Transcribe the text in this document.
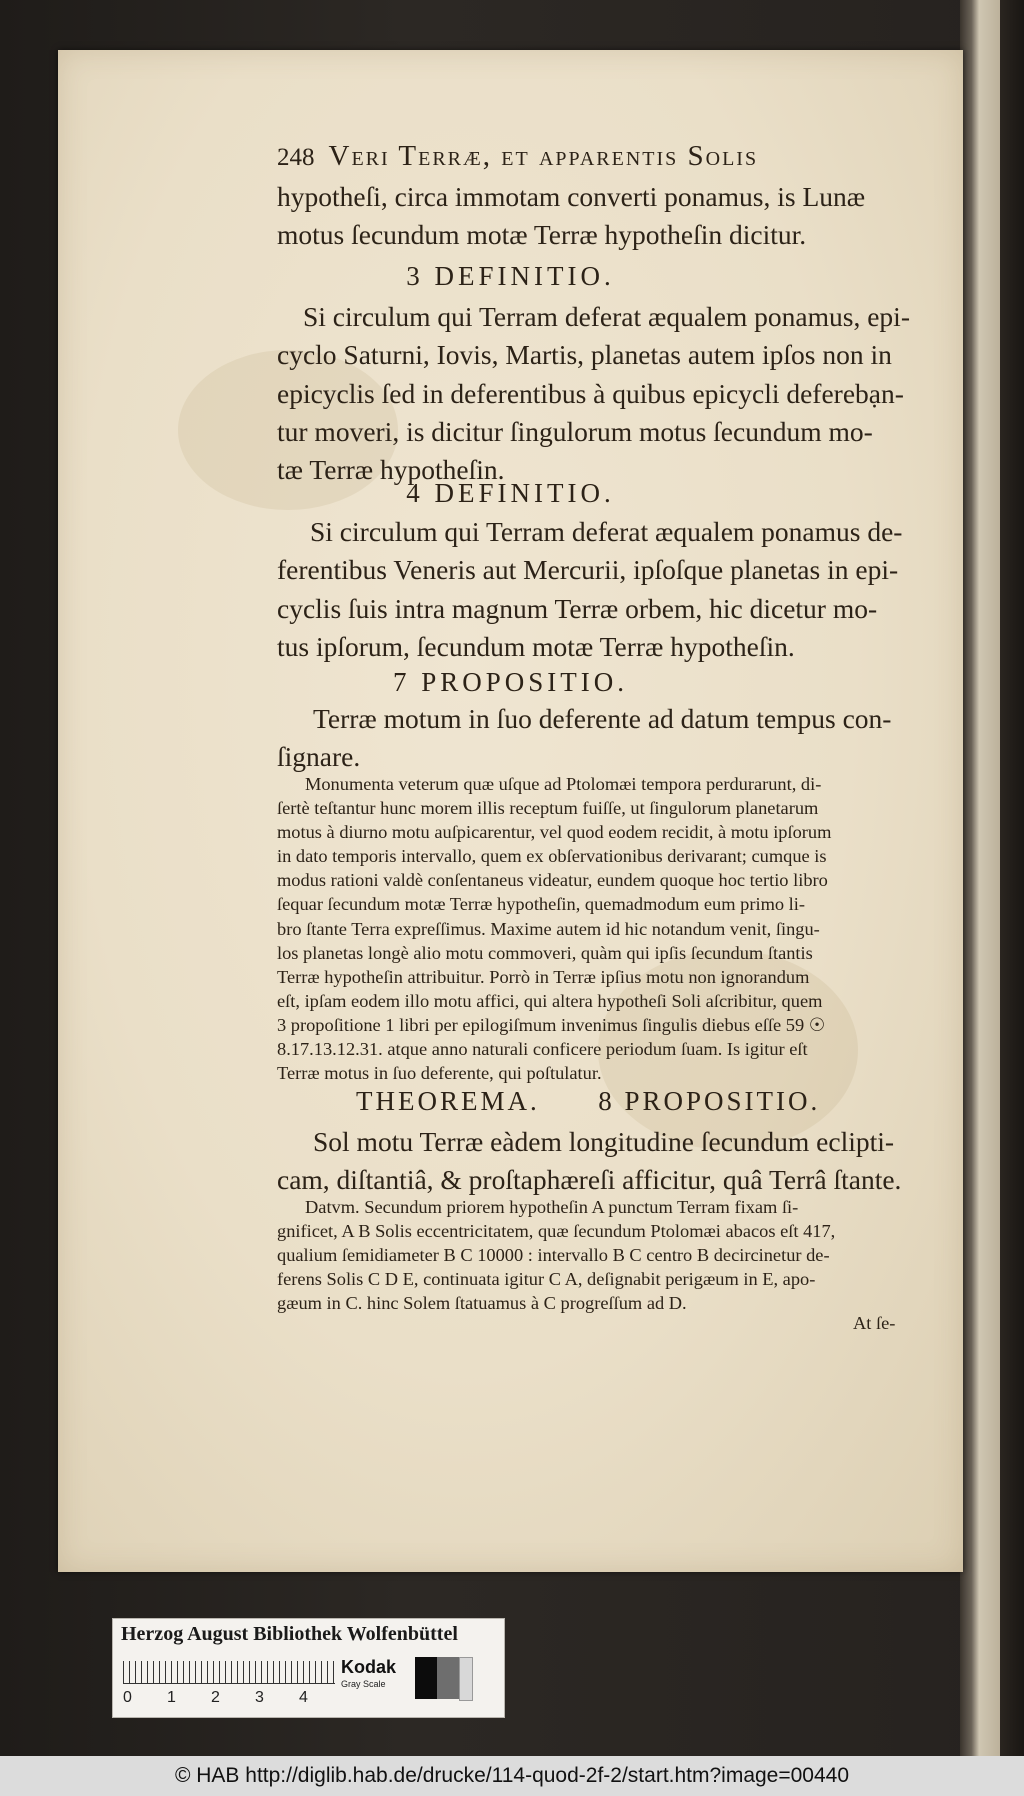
248 Veri Terræ, et apparentis Solis
hypotheſi, circa immotam converti ponamus, is Lunæ
motus ſecundum motæ Terræ hypotheſin dicitur.
3 DEFINITIO.
Si circulum qui Terram deferat æqualem ponamus, epi-
cyclo Saturni, Iovis, Martis, planetas autem ipſos non in
epicyclis ſed in deferentibus à quibus epicycli deferebạn-
tur moveri, is dicitur ſingulorum motus ſecundum mo-
tæ Terræ hypotheſin.
4 DEFINITIO.
Si circulum qui Terram deferat æqualem ponamus de-
ferentibus Veneris aut Mercurii, ipſoſque planetas in epi-
cyclis ſuis intra magnum Terræ orbem, hic dicetur mo-
tus ipſorum, ſecundum motæ Terræ hypotheſin.
7 PROPOSITIO.
Terræ motum in ſuo deferente ad datum tempus con-
ſignare.
Monumenta veterum quæ uſque ad Ptolomæi tempora perdurarunt, di-
ſertè teſtantur hunc morem illis receptum fuiſſe, ut ſingulorum planetarum
motus à diurno motu auſpicarentur, vel quod eodem recidit, à motu ipſorum
in dato temporis intervallo, quem ex obſervationibus derivarant; cumque is
modus rationi valdè conſentaneus videatur, eundem quoque hoc tertio libro
ſequar ſecundum motæ Terræ hypotheſin, quemadmodum eum primo li-
bro ſtante Terra expreſſimus. Maxime autem id hic notandum venit, ſingu-
los planetas longè alio motu commoveri, quàm qui ipſis ſecundum ſtantis
Terræ hypotheſin attribuitur. Porrò in Terræ ipſius motu non ignorandum
eſt, ipſam eodem illo motu affici, qui altera hypotheſi Soli aſcribitur, quem
3 propoſitione 1 libri per epilogiſmum invenimus ſingulis diebus eſſe 59 ☉
8.17.13.12.31. atque anno naturali conficere periodum ſuam. Is igitur eſt
Terræ motus in ſuo deferente, qui poſtulatur.
THEOREMA.      8 PROPOSITIO.
Sol motu Terræ eàdem longitudine ſecundum eclipti-
cam, diſtantiâ, & proſtaphæreſi afficitur, quâ Terrâ ſtante.
Datvm. Secundum priorem hypotheſin A punctum Terram fixam ſi-
gnificet, A B Solis eccentricitatem, quæ ſecundum Ptolomæi abacos eſt 417,
qualium ſemidiameter B C 10000 : intervallo B C centro B decircinetur de-
ferens Solis C D E, continuata igitur C A, deſignabit perigæum in E, apo-
gæum in C. hinc Solem ſtatuamus à C progreſſum ad D.
At ſe-
Herzog August Bibliothek Wolfenbüttel
0 1 2 3 4
Kodak
Gray Scale
© HAB http://diglib.hab.de/drucke/114-quod-2f-2/start.htm?image=00440
